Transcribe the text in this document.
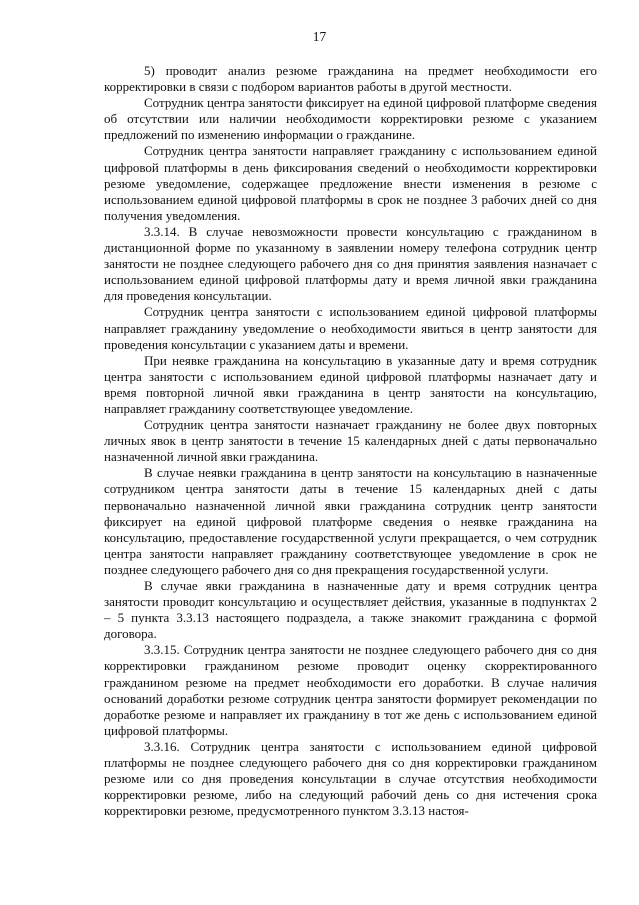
17

5) проводит анализ резюме гражданина на предмет необходимости его корректировки в связи с подбором вариантов работы в другой местности.

Сотрудник центра занятости фиксирует на единой цифровой платформе сведения об отсутствии или наличии необходимости корректировки резюме с указанием предложений по изменению информации о гражданине.

Сотрудник центра занятости направляет гражданину с использованием единой цифровой платформы в день фиксирования сведений о необходимости корректировки резюме уведомление, содержащее предложение внести изменения в резюме с использованием единой цифровой платформы в срок не позднее 3 рабочих дней со дня получения уведомления.

3.3.14. В случае невозможности провести консультацию с гражданином в дистанционной форме по указанному в заявлении номеру телефона сотрудник центр занятости не позднее следующего рабочего дня со дня принятия заявления назначает с использованием единой цифровой платформы дату и время личной явки гражданина для проведения консультации.

Сотрудник центра занятости с использованием единой цифровой платформы направляет гражданину уведомление о необходимости явиться в центр занятости для проведения консультации с указанием даты и времени.

При неявке гражданина на консультацию в указанные дату и время сотрудник центра занятости с использованием единой цифровой платформы назначает дату и время повторной личной явки гражданина в центр занятости на консультацию, направляет гражданину соответствующее уведомление.

Сотрудник центра занятости назначает гражданину не более двух повторных личных явок в центр занятости в течение 15 календарных дней с даты первоначально назначенной личной явки гражданина.

В случае неявки гражданина в центр занятости на консультацию в назначенные сотрудником центра занятости даты в течение 15 календарных дней с даты первоначально назначенной личной явки гражданина сотрудник центр занятости фиксирует на единой цифровой платформе сведения о неявке гражданина на консультацию, предоставление государственной услуги прекращается, о чем сотрудник центра занятости направляет гражданину соответствующее уведомление в срок не позднее следующего рабочего дня со дня прекращения государственной услуги.

В случае явки гражданина в назначенные дату и время сотрудник центра занятости проводит консультацию и осуществляет действия, указанные в подпунктах 2 – 5 пункта 3.3.13 настоящего подраздела, а также знакомит гражданина с формой договора.

3.3.15. Сотрудник центра занятости не позднее следующего рабочего дня со дня корректировки гражданином резюме проводит оценку скорректированного гражданином резюме на предмет необходимости его доработки. В случае наличия оснований доработки резюме сотрудник центра занятости формирует рекомендации по доработке резюме и направляет их гражданину в тот же день с использованием единой цифровой платформы.

3.3.16. Сотрудник центра занятости с использованием единой цифровой платформы не позднее следующего рабочего дня со дня корректировки гражданином резюме или со дня проведения консультации в случае отсутствия необходимости корректировки резюме, либо на следующий рабочий день со дня истечения срока корректировки резюме, предусмотренного пунктом 3.3.13 настоя-
